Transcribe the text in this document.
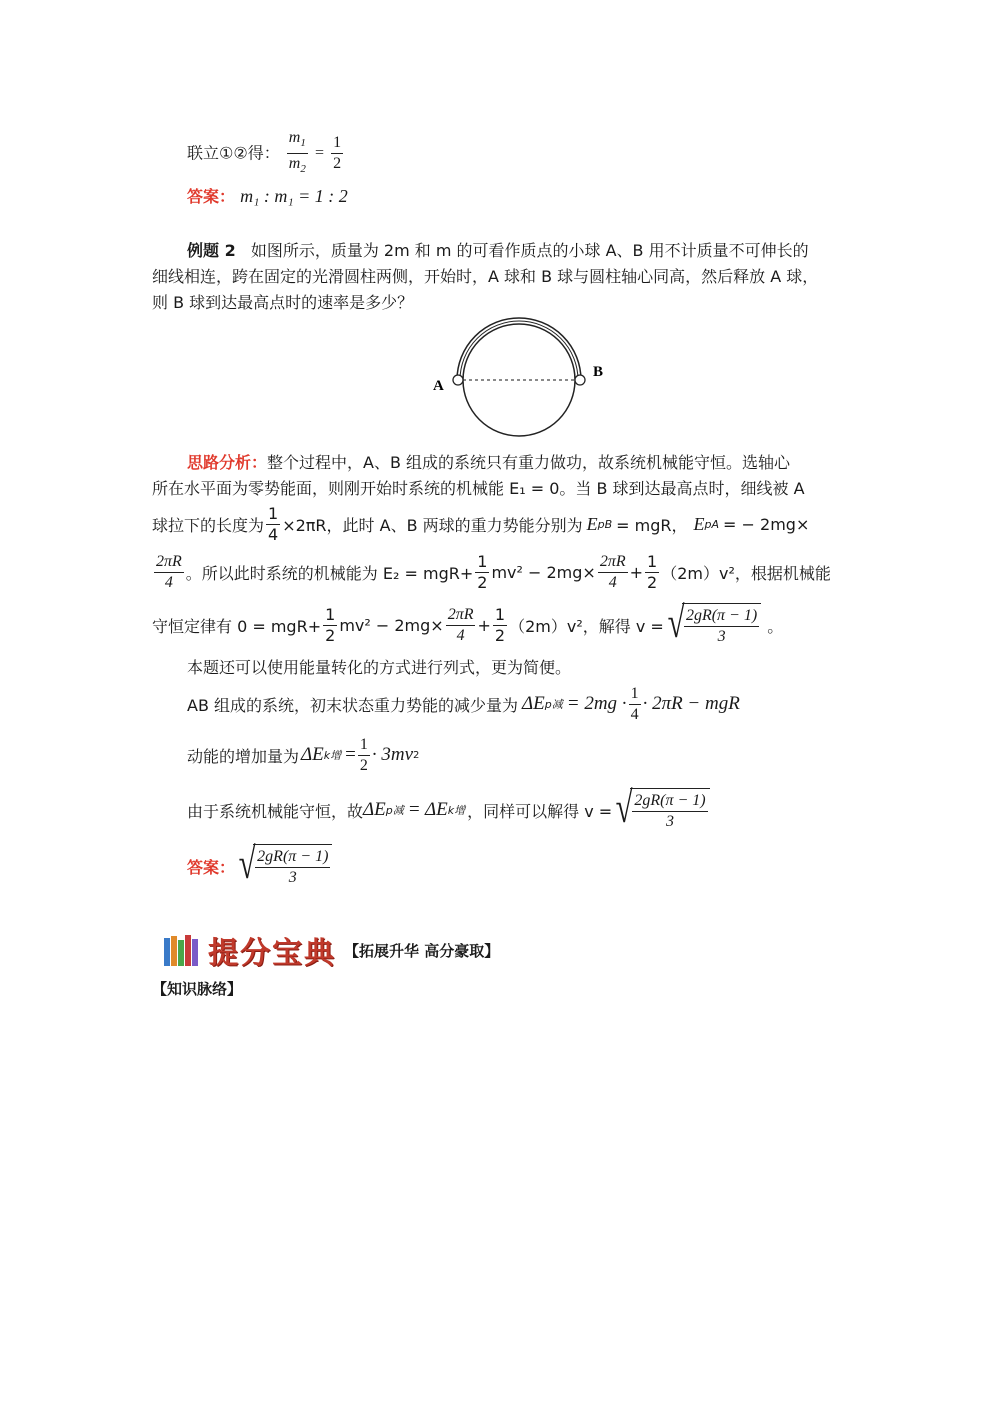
联立①②得： $\frac{m_1}{m_2} = \frac{1}{2}$
答案： m₁ : m₁ = 1 : 2
例题 2 如图所示，质量为 2m 和 m 的可看作质点的小球 A、B 用不计质量不可伸长的
细线相连，跨在固定的光滑圆柱两侧，开始时，A 球和 B 球与圆柱轴心同高，然后释放 A 球，
则 B 球到达最高点时的速率是多少？
A
B
思路分析：整个过程中，A、B 组成的系统只有重力做功，故系统机械能守恒。选轴心
所在水平面为零势能面，则刚开始时系统的机械能 E₁ = 0。当 B 球到达最高点时，细线被 A
球拉下的长度为 $\frac{1}{4} \times 2\pi R$，此时 A、B 两球的重力势能分别为 E pB = mgR， E pA = − 2mg×
$\frac{2\pi R}{4}$ 。所以此时系统的机械能为 $E_2 = mgR+ \frac{1}{2} mv^2 - 2mg\times \frac{2\pi R}{4} + \frac{1}{2} (2m)v^2$，根据机械能
守恒定律有 $0 = mgR+ \frac{1}{2} mv^2 - 2mg\times \frac{2\pi R}{4} + \frac{1}{2} (2m)v^2$，解得 v = √ $\frac{2gR(\pi - 1)}{3}$ 。
本题还可以使用能量转化的方式进行列式，更为简便。
AB 组成的系统，初末状态重力势能的减少量为 ΔE p减 = $2mg \cdot \frac{1}{4} \cdot 2\pi R$ − mgR
动能的增加量为 ΔE k增 = $\frac{1}{2} \cdot 3mv$ 2
由于系统机械能守恒，故 ΔE p减 = ΔE k增 ，同样可以解得 v = √ $\frac{2gR(\pi - 1)}{3}$
答案： √ $\frac{2gR(\pi - 1)}{3}$
提分宝典 【拓展升华 高分豪取】
【知识脉络】
